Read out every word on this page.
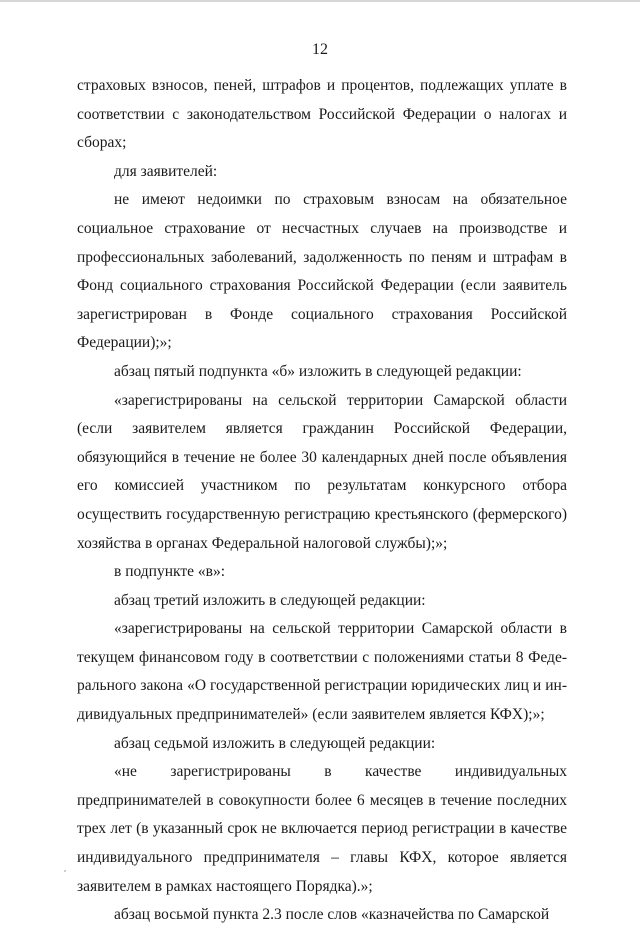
12

страховых взносов, пеней, штрафов и процентов, подлежащих уплате в соответствии с законодательством Российской Федерации о налогах и сборах;

для заявителей:

не имеют недоимки по страховым взносам на обязательное социальное страхование от несчастных случаев на производстве и профессиональных заболеваний, задолженность по пеням и штрафам в Фонд социального страхования Российской Федерации (если заявитель зарегистрирован в Фонде социального страхования Российской Федерации);»;

абзац пятый подпункта «б» изложить в следующей редакции:

«зарегистрированы на сельской территории Самарской области (если заявителем является гражданин Российской Федерации, обязующийся в течение не более 30 календарных дней после объявления его комиссией участником по результатам конкурсного отбора осуществить государственную регистрацию крестьянского (фермерского) хозяйства в органах Федеральной налоговой службы);»;

в подпункте «в»:

абзац третий изложить в следующей редакции:

«зарегистрированы на сельской территории Самарской области в текущем финансовом году в соответствии с положениями статьи 8 Федерального закона «О государственной регистрации юридических лиц и индивидуальных предпринимателей» (если заявителем является КФХ);»;

абзац седьмой изложить в следующей редакции:

«не зарегистрированы в качестве индивидуальных предпринимателей в совокупности более 6 месяцев в течение последних трех лет (в указанный срок не включается период регистрации в качестве индивидуального предпринимателя – главы КФХ, которое является заявителем в рамках настоящего Порядка).»;

абзац восьмой пункта 2.3 после слов «казначейства по Самарской
